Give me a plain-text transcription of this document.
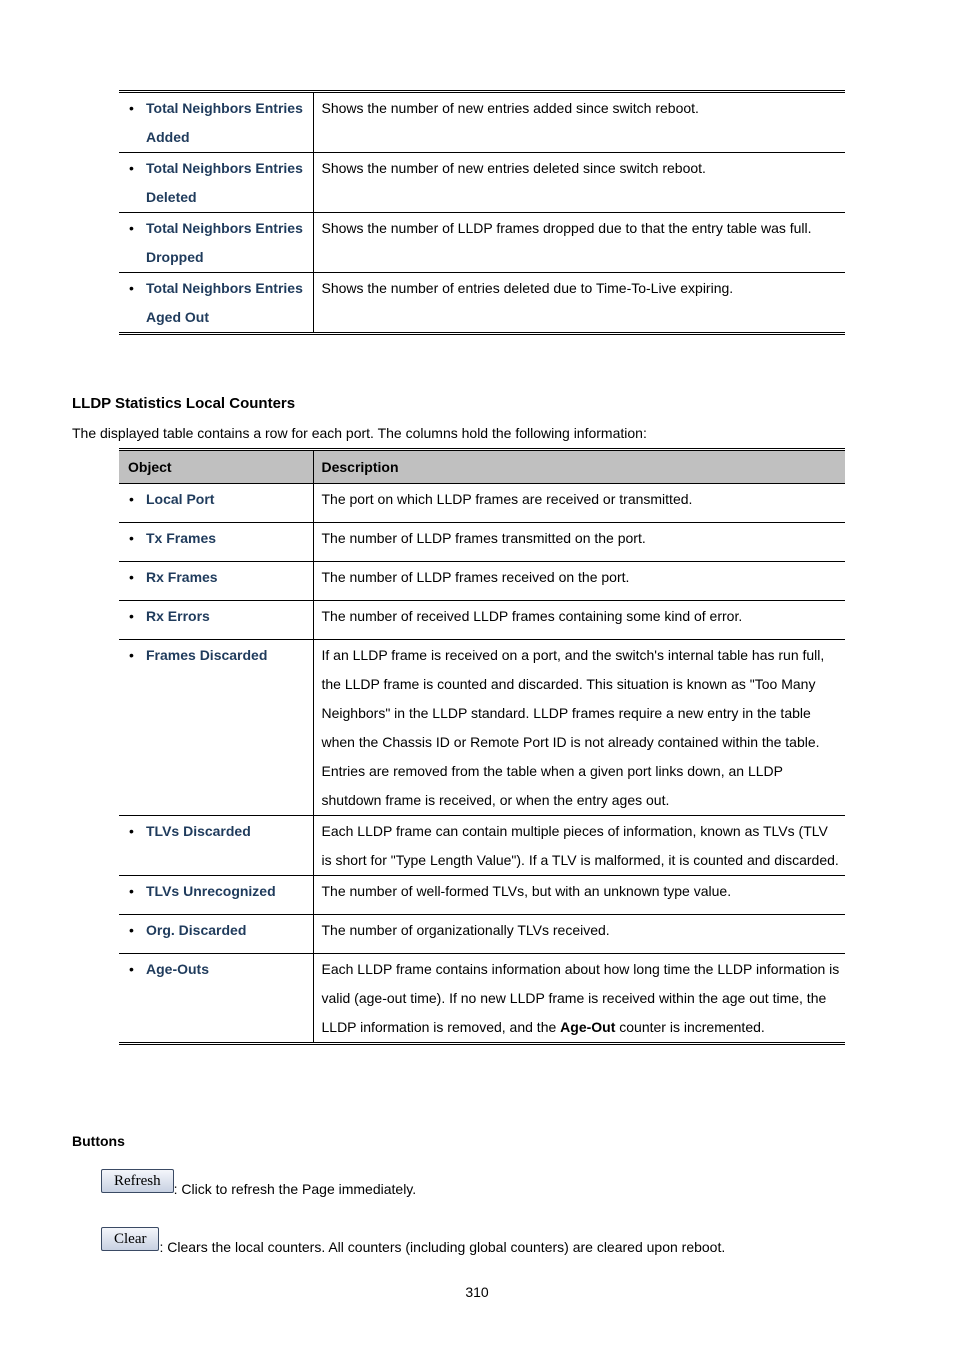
• Total Neighbors Entries Added	Shows the number of new entries added since switch reboot.

• Total Neighbors Entries Deleted	Shows the number of new entries deleted since switch reboot.

• Total Neighbors Entries Dropped	Shows the number of LLDP frames dropped due to that the entry table was full.

• Total Neighbors Entries Aged Out	Shows the number of entries deleted due to Time-To-Live expiring.
LLDP Statistics Local Counters
The displayed table contains a row for each port. The columns hold the following information:
Object	Description

• Local Port	The port on which LLDP frames are received or transmitted.

• Tx Frames	The number of LLDP frames transmitted on the port.

• Rx Frames	The number of LLDP frames received on the port.

• Rx Errors	The number of received LLDP frames containing some kind of error.

• Frames Discarded	If an LLDP frame is received on a port, and the switch's internal table has run full, the LLDP frame is counted and discarded. This situation is known as "Too Many Neighbors" in the LLDP standard. LLDP frames require a new entry in the table when the Chassis ID or Remote Port ID is not already contained within the table. Entries are removed from the table when a given port links down, an LLDP shutdown frame is received, or when the entry ages out.

• TLVs Discarded	Each LLDP frame can contain multiple pieces of information, known as TLVs (TLV is short for "Type Length Value"). If a TLV is malformed, it is counted and discarded.

• TLVs Unrecognized	The number of well-formed TLVs, but with an unknown type value.

• Org. Discarded	The number of organizationally TLVs received.

• Age-Outs	Each LLDP frame contains information about how long time the LLDP information is valid (age-out time). If no new LLDP frame is received within the age out time, the LLDP information is removed, and the Age-Out counter is incremented.
Buttons
Refresh : Click to refresh the Page immediately.
Clear : Clears the local counters. All counters (including global counters) are cleared upon reboot.
310
